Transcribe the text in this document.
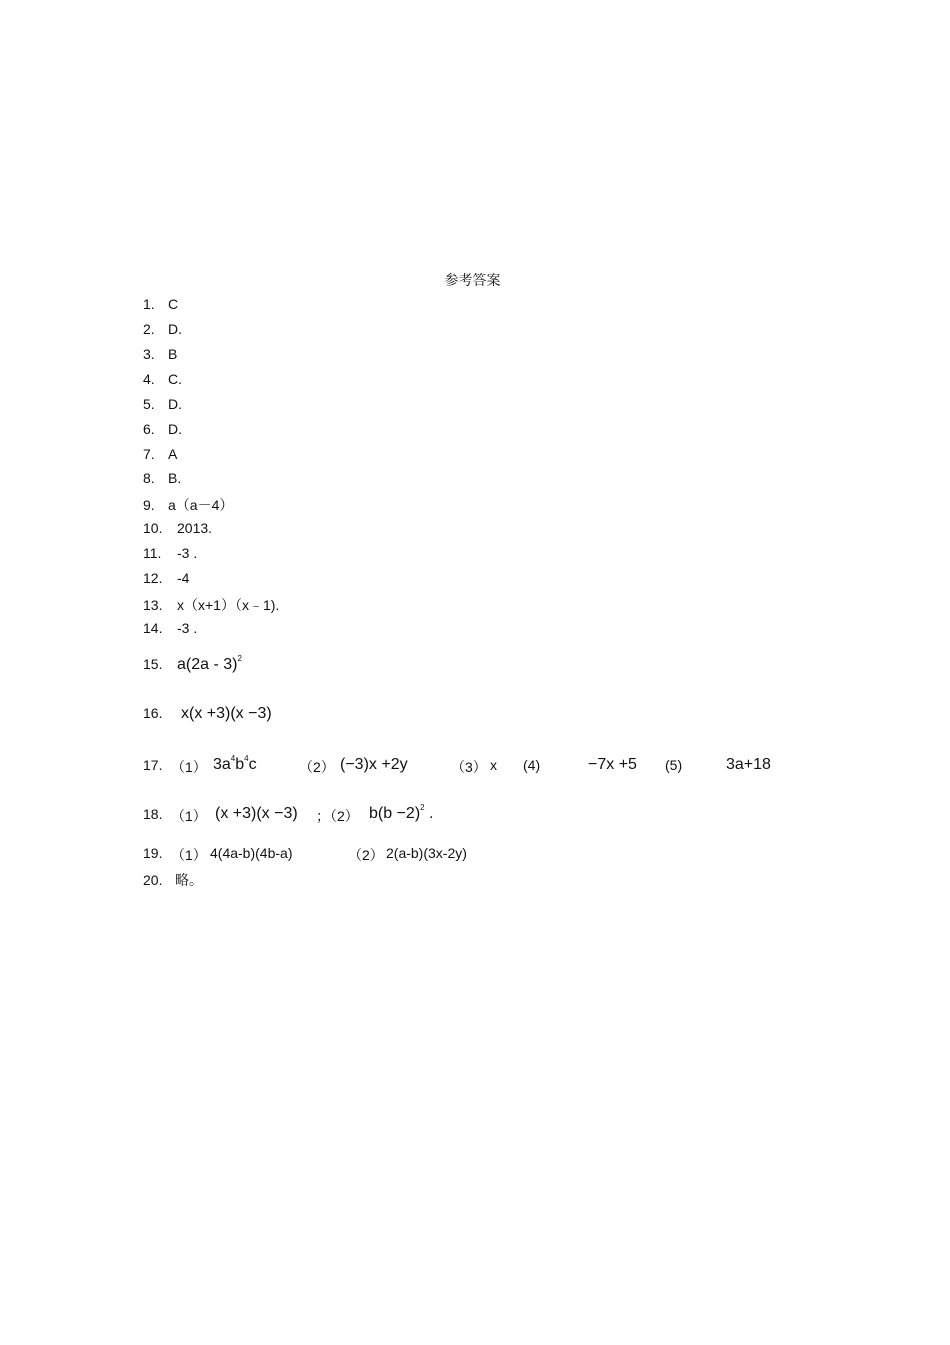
参考答案
1. C
2. D.
3. B
4. C.
5. D.
6. D.
7. A
8. B.
9. a（a－4）
10. 2013.
11. -3 .
12. -4
13. x（x+1）（x﹣1).
14. -3 .
15. a(2a - 3)$^2$
16. x(x +3)(x −3)
17. （1） $3a^4b^4c$	（2） (−3)x +2y	（3） x (4)	−7x +5 (5)	3a+18
18. （1） (x +3)(x −3) ；（2） $b(b -2)^2$ .
19. （1） 4(4a-b)(4b-a)	（2） 2(a-b)(3x-2y)
20. 略。
